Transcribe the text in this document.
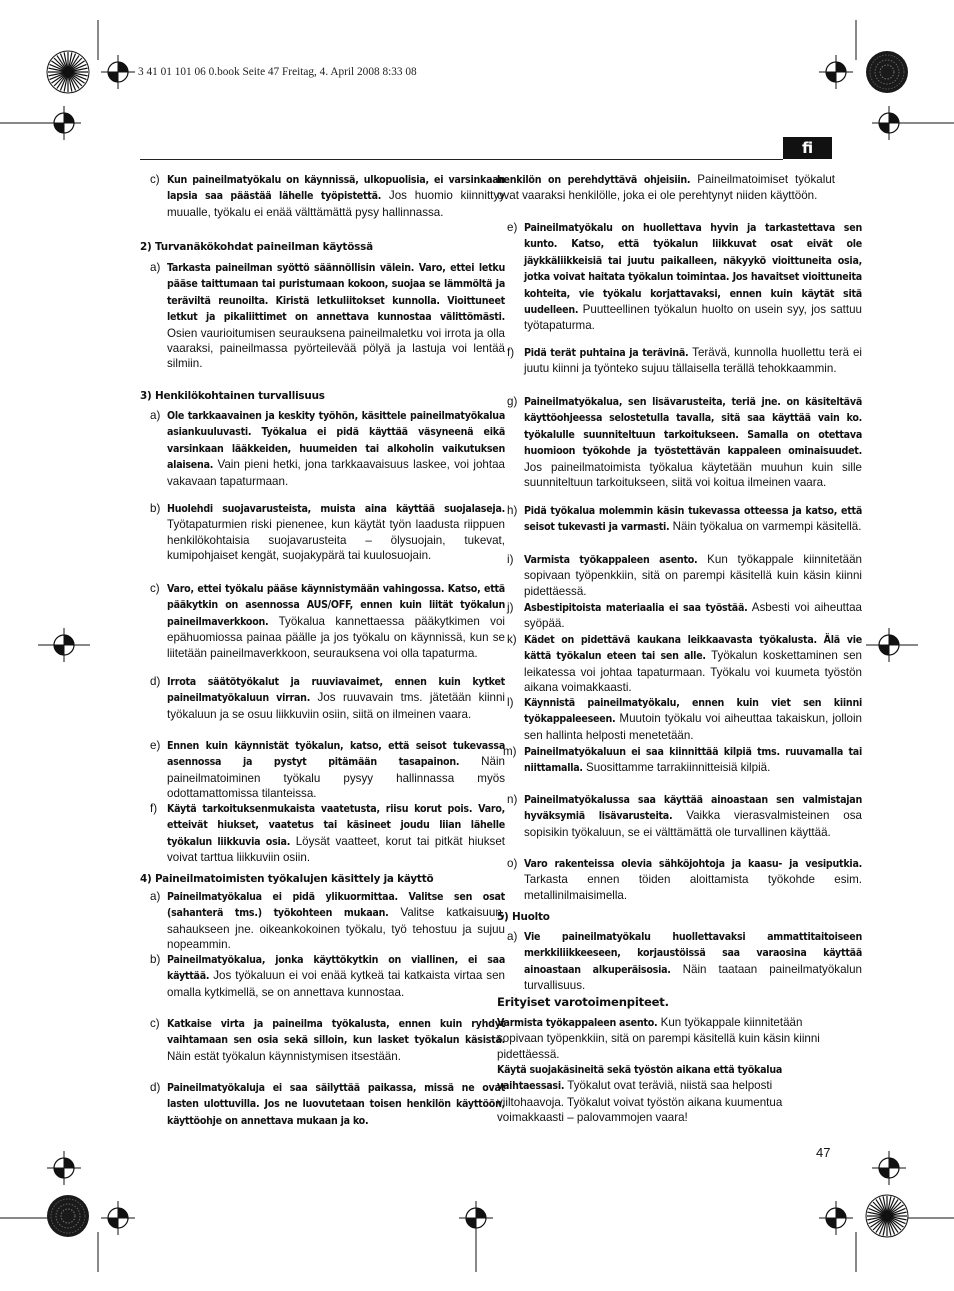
3 41 01 101 06 0.book Seite 47 Freitag, 4. April 2008 8:33 08
fi
c) Kun paineilmatyökalu on käynnissä, ulkopuolisia, ei varsinkaan lapsia saa päästää lähelle työpistettä. Jos huomio kiinnittyy muualle, työkalu ei enää välttämättä pysy hallinnassa.

2) Turvanäkökohdat paineilman käytössä
a) Tarkasta paineilman syöttö säännöllisin välein. Varo, ettei letku pääse taittumaan tai puristumaan kokoon, suojaa se lämmöltä ja teräviltä reunoilta. Kiristä letkuliitokset kunnolla. Vioittuneet letkut ja pikaliittimet on annettava kunnostaa välittömästi. Osien vaurioitumisen seurauksena paineilmaletku voi irrota ja olla vaaraksi, paineilmassa pyörteilevää pölyä ja lastuja voi lentää silmiin.

3) Henkilökohtainen turvallisuus
a) Ole tarkkaavainen ja keskity työhön, käsittele paineilmatyökalua asiankuuluvasti. Työkalua ei pidä käyttää väsyneenä eikä varsinkaan lääkkeiden, huumeiden tai alkoholin vaikutuksen alaisena. Vain pieni hetki, jona tarkkaavaisuus laskee, voi johtaa vakavaan tapaturmaan.

b) Huolehdi suojavarusteista, muista aina käyttää suojalaseja. Työtapaturmien riski pienenee, kun käytät työn laadusta riippuen henkilökohtaisia suojavarusteita – ölysuojain, tukevat, kumipohjaiset kengät, suojakypärä tai kuulosuojain.

c) Varo, ettei työkalu pääse käynnistymään vahingossa. Katso, että pääkytkin on asennossa AUS/OFF, ennen kuin liität työkalun paineilmaverkkoon. Työkalua kannettaessa pääkytkimen voi epähuomiossa painaa päälle ja jos työkalu on käynnissä, kun se liitetään paineilmaverkkoon, seurauksena voi olla tapaturma.

d) Irrota säätötyökalut ja ruuviavaimet, ennen kuin kytket paineilmatyökaluun virran. Jos ruuvavain tms. jätetään kiinni työkaluun ja se osuu liikkuviin osiin, siitä on ilmeinen vaara.

e) Ennen kuin käynnistät työkalun, katso, että seisot tukevassa asennossa ja pystyt pitämään tasapainon. Näin paineilmatoiminen työkalu pysyy hallinnassa myös odottamattomissa tilanteissa.

f) Käytä tarkoituksenmukaista vaatetusta, riisu korut pois. Varo, etteivät hiukset, vaatetus tai käsineet joudu liian lähelle työkalun liikkuvia osia. Löysät vaatteet, korut tai pitkät hiukset voivat tarttua liikkuviin osiin.

4) Paineilmatoimisten työkalujen käsittely ja käyttö
a) Paineilmatyökalua ei pidä ylikuormittaa. Valitse sen osat (sahanterä tms.) työkohteen mukaan. Valitse katkaisuun, sahaukseen jne. oikeankokoinen työkalu, työ tehostuu ja sujuu nopeammin.

b) Paineilmatyökalua, jonka käyttökytkin on viallinen, ei saa käyttää. Jos työkaluun ei voi enää kytkeä tai katkaista virtaa sen omalla kytkimellä, se on annettava kunnostaa.

c) Katkaise virta ja paineilma työkalusta, ennen kuin ryhdyt vaihtamaan sen osia sekä silloin, kun lasket työkalun käsistä. Näin estät työkalun käynnistymisen itsestään.

d) Paineilmatyökaluja ei saa säilyttää paikassa, missä ne ovat lasten ulottuvilla. Jos ne luovutetaan toisen henkilön käyttöön, käyttöohje on annettava mukaan ja ko.

henkilön on perehdyttävä ohjeisiin. Paineilmatoimiset työkalut ovat vaaraksi henkilölle, joka ei ole perehtynyt niiden käyttöön.

e) Paineilmatyökalu on huollettava hyvin ja tarkastettava sen kunto. Katso, että työkalun liikkuvat osat eivät ole jäykkäliikkeisiä tai juutu paikalleen, näkyykö vioittuneita osia, jotka voivat haitata työkalun toimintaa. Jos havaitset vioittuneita kohteita, vie työkalu korjattavaksi, ennen kuin käytät sitä uudelleen. Puutteellinen työkalun huolto on usein syy, jos sattuu työtapaturma.

f) Pidä terät puhtaina ja terävinä. Terävä, kunnolla huollettu terä ei juutu kiinni ja työnteko sujuu tällaisella terällä tehokkaammin.

g) Paineilmatyökalua, sen lisävarusteita, teriä jne. on käsiteltävä käyttöohjeessa selostetulla tavalla, sitä saa käyttää vain ko. työkalulle suunniteltuun tarkoitukseen. Samalla on otettava huomioon työkohde ja työstettävän kappaleen ominaisuudet. Jos paineilmatoimista työkalua käytetään muuhun kuin sille suunniteltuun tarkoitukseen, siitä voi koitua ilmeinen vaara.

h) Pidä työkalua molemmin käsin tukevassa otteessa ja katso, että seisot tukevasti ja varmasti. Näin työkalua on varmempi käsitellä.

i) Varmista työkappaleen asento. Kun työkappale kiinnitetään sopivaan työpenkkiin, sitä on parempi käsitellä kuin käsin kiinni pidettäessä.

j) Asbestipitoista materiaalia ei saa työstää. Asbesti voi aiheuttaa syöpää.

k) Kädet on pidettävä kaukana leikkaavasta työkalusta. Älä vie kättä työkalun eteen tai sen alle. Työkalun koskettaminen sen leikatessa voi johtaa tapaturmaan. Työkalu voi kuumeta työstön aikana voimakkaasti.

l) Käynnistä paineilmatyökalu, ennen kuin viet sen kiinni työkappaleeseen. Muutoin työkalu voi aiheuttaa takaiskun, jolloin sen hallinta helposti menetetään.

m) Paineilmatyökaluun ei saa kiinnittää kilpiä tms. ruuvamalla tai niittamalla. Suosittamme tarrakiinnitteisiä kilpiä.

n) Paineilmatyökalussa saa käyttää ainoastaan sen valmistajan hyväksymiä lisävarusteita. Vaikka vierasvalmisteinen osa sopisikin työkaluun, se ei välttämättä ole turvallinen käyttää.

o) Varo rakenteissa olevia sähköjohtoja ja kaasu- ja vesiputkia. Tarkasta ennen töiden aloittamista työkohde esim. metallinilmaisimella.

5) Huolto
a) Vie paineilmatyökalu huollettavaksi ammattitaitoiseen merkkiliikkeeseen, korjaustöissä saa varaosina käyttää ainoastaan alkuperäisosia. Näin taataan paineilmatyökalun turvallisuus.

Erityiset varotoimenpiteet.

Varmista työkappaleen asento. Kun työkappale kiinnitetään sopivaan työpenkkiin, sitä on parempi käsitellä kuin käsin kiinni pidettäessä.

Käytä suojakäsineitä sekä työstön aikana että työkalua vaihtaessasi. Työkalut ovat teräviä, niistä saa helposti viiltohaavoja. Työkalut voivat työstön aikana kuumentua voimakkaasti – palovammojen vaara!

47
